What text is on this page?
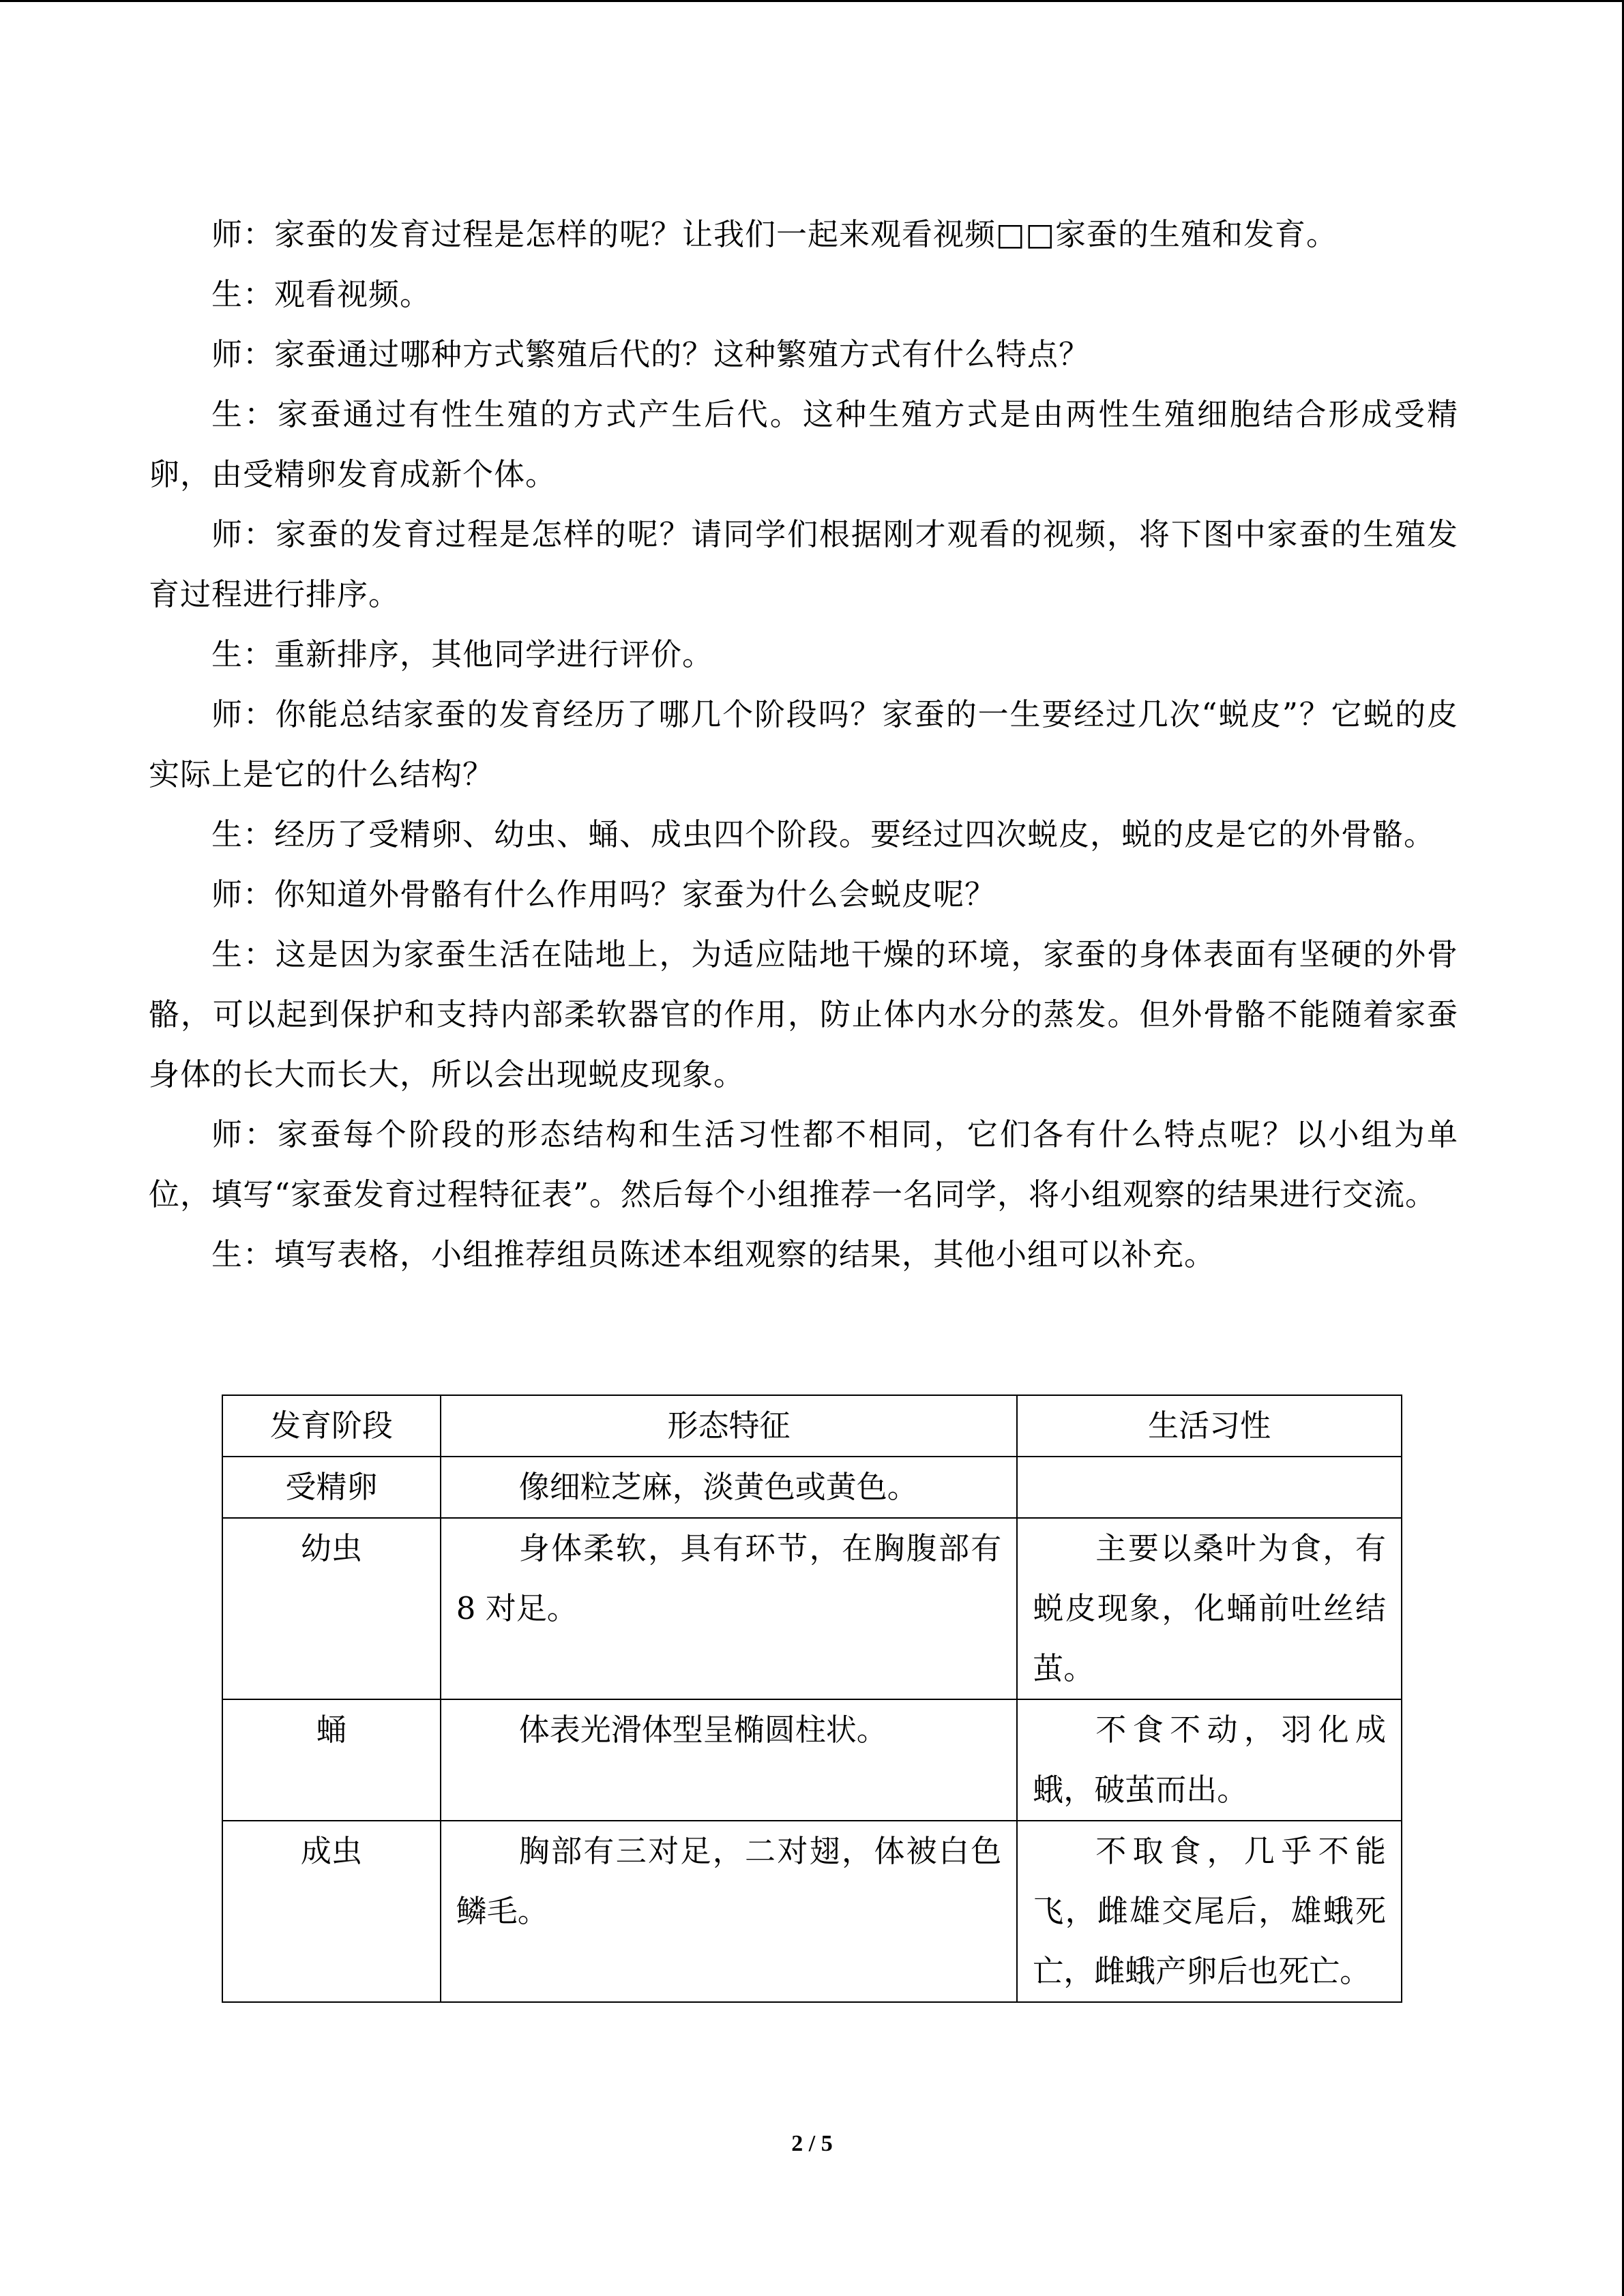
师：家蚕的发育过程是怎样的呢？让我们一起来观看视频□□家蚕的生殖和发育。

生：观看视频。

师：家蚕通过哪种方式繁殖后代的？这种繁殖方式有什么特点？

生：家蚕通过有性生殖的方式产生后代。这种生殖方式是由两性生殖细胞结合形成受精卵，由受精卵发育成新个体。

师：家蚕的发育过程是怎样的呢？请同学们根据刚才观看的视频，将下图中家蚕的生殖发育过程进行排序。

生：重新排序，其他同学进行评价。

师：你能总结家蚕的发育经历了哪几个阶段吗？家蚕的一生要经过几次“蜕皮”？它蜕的皮实际上是它的什么结构？

生：经历了受精卵、幼虫、蛹、成虫四个阶段。要经过四次蜕皮，蜕的皮是它的外骨骼。

师：你知道外骨骼有什么作用吗？家蚕为什么会蜕皮呢？

生：这是因为家蚕生活在陆地上，为适应陆地干燥的环境，家蚕的身体表面有坚硬的外骨骼，可以起到保护和支持内部柔软器官的作用，防止体内水分的蒸发。但外骨骼不能随着家蚕身体的长大而长大，所以会出现蜕皮现象。

师：家蚕每个阶段的形态结构和生活习性都不相同，它们各有什么特点呢？以小组为单位，填写“家蚕发育过程特征表”。然后每个小组推荐一名同学，将小组观察的结果进行交流。

生：填写表格，小组推荐组员陈述本组观察的结果，其他小组可以补充。

发育阶段	形态特征	生活习性
受精卵	像细粒芝麻，淡黄色或黄色。	

幼虫	身体柔软，具有环节，在胸腹部有 8 对足。	主要以桑叶为食，有蜕皮现象，化蛹前吐丝结茧。

蛹	体表光滑体型呈椭圆柱状。	不食不动，羽化成蛾，破茧而出。

成虫	胸部有三对足，二对翅，体被白色鳞毛。	不取食，几乎不能飞，雌雄交尾后，雄蛾死亡，雌蛾产卵后也死亡。
2 / 5
